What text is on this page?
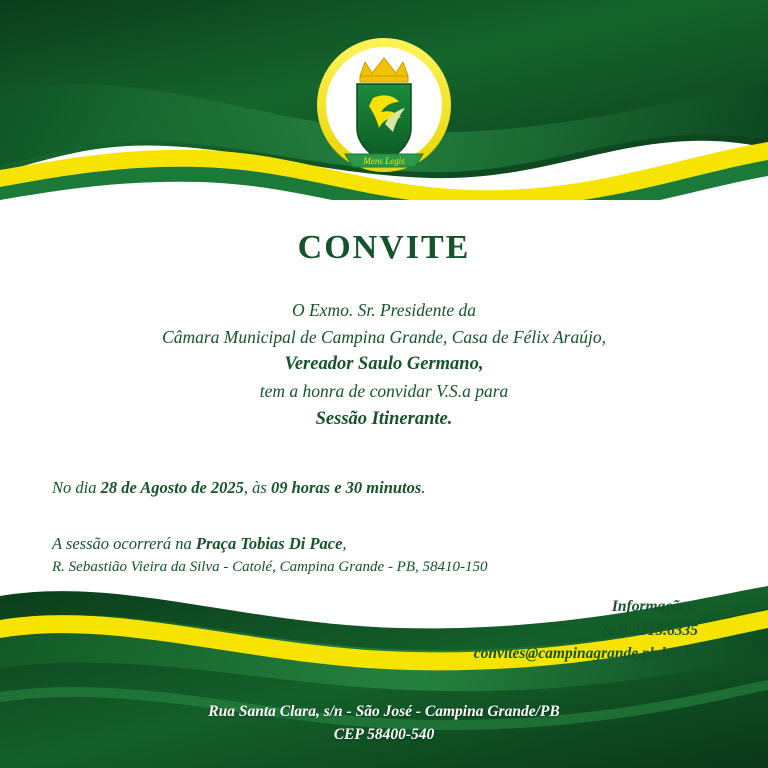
Mens Legis
CONVITE
O Exmo. Sr. Presidente da
Câmara Municipal de Campina Grande, Casa de Félix Araújo,
Vereador Saulo Germano,
tem a honra de convidar V.S.a para
Sessão Itinerante.
No dia 28 de Agosto de 2025, às 09 horas e 30 minutos.
A sessão ocorrerá na Praça Tobias Di Pace,
R. Sebastião Vieira da Silva - Catolé, Campina Grande - PB, 58410-150
Informações:
(83) 3315.6335
convites@campinagrande.pb.leg.br
Rua Santa Clara, s/n - São José - Campina Grande/PB
CEP 58400-540
